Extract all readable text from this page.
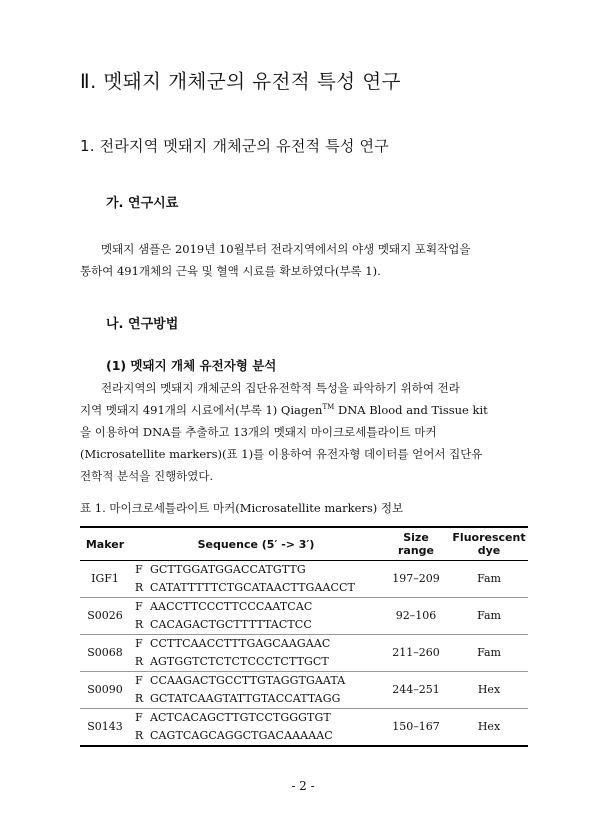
Ⅱ. 멧돼지 개체군의 유전적 특성 연구
1. 전라지역 멧돼지 개체군의 유전적 특성 연구
가. 연구시료
멧돼지 샘플은 2019년 10월부터 전라지역에서의 야생 멧돼지 포획작업을
통하여 491개체의 근육 및 혈액 시료를 확보하였다(부록 1).
나. 연구방법
(1) 멧돼지 개체 유전자형 분석
전라지역의 멧돼지 개체군의 집단유전학적 특성을 파악하기 위하여 전라
지역 멧돼지 491개의 시료에서(부록 1) Qiagen™ DNA Blood and Tissue kit
을 이용하여 DNA를 추출하고 13개의 멧돼지 마이크로세틀라이트 마커
(Microsatellite markers)(표 1)를 이용하여 유전자형 데이터를 얻어서 집단유
전학적 분석을 진행하였다.
표 1. 마이크로세틀라이트 마커(Microsatellite markers) 정보
Maker	Sequence (5′ -> 3′)		Size range	Fluorescent dye
IGF1	F	GCTTGGATGGACCATGTTG	197–209	Fam
	R	CATATTTTTCTGCATAACTTGAACCT		
S0026	F	AACCTTCCCTTCCCAATCAC	92–106	Fam
	R	CACAGACTGCTTTTTACTCC		
S0068	F	CCTTCAACCTTTGAGCAAGAAC	211–260	Fam
	R	AGTGGTCTCTCTCCCTCTTGCT		
S0090	F	CCAAGACTGCCTTGTAGGTGAATA	244–251	Hex
	R	GCTATCAAGTATTGTACCATTAGG		
S0143	F	ACTCACAGCTTGTCCTGGGTGT	150–167	Hex
	R	CAGTCAGCAGGCTGACAAAAAC		
- 2 -
